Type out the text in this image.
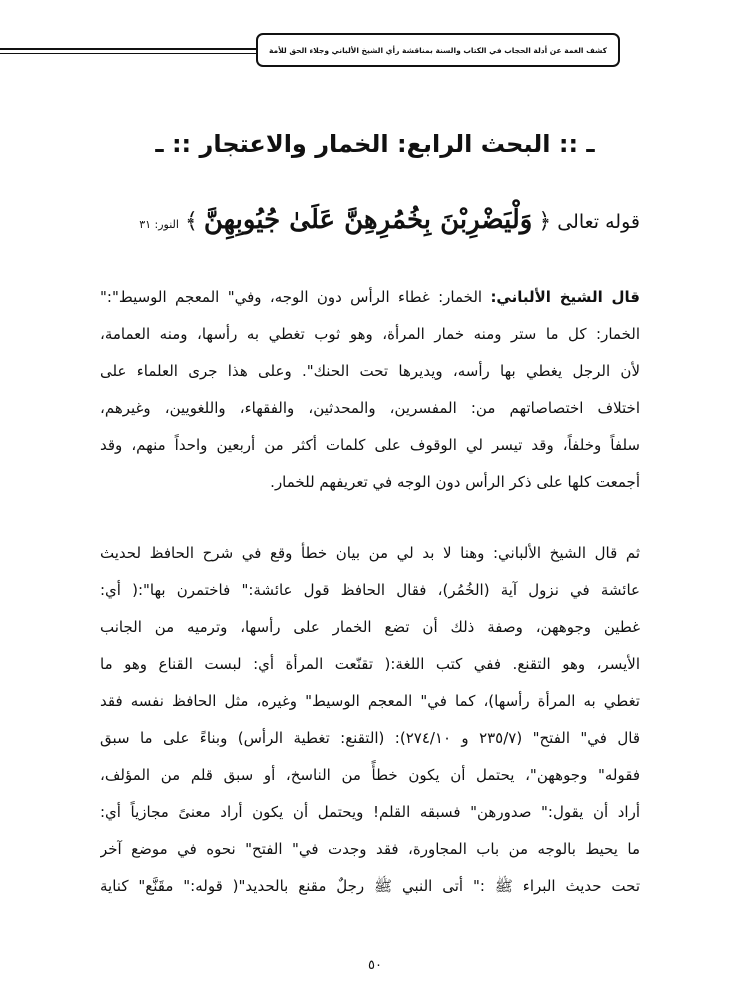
كشف الغمة عن أدلة الحجاب في الكتاب والسنة بمناقشة رأي الشيخ الألباني وجلاء الحق للأمة
ـ :: البحث الرابع: الخمار والاعتجار :: ـ
قوله تعالى
﴿
وَلْيَضْرِبْنَ بِخُمُرِهِنَّ عَلَىٰ جُيُوبِهِنَّ
﴾
النور: ٣١
قال الشيخ الألباني: الخمار: غطاء الرأس دون الوجه، وفي" المعجم الوسيط":"
الخمار: كل ما ستر ومنه خمار المرأة، وهو ثوب تغطي به رأسها، ومنه العمامة،
لأن الرجل يغطي بها رأسه، ويديرها تحت الحنك". وعلى هذا جرى العلماء على
اختلاف اختصاصاتهم من: المفسرين، والمحدثين، والفقهاء، واللغويين، وغيرهم،
سلفاً وخلفاً، وقد تيسر لي الوقوف على كلمات أكثر من أربعين واحداً منهم، وقد
أجمعت كلها على ذكر الرأس دون الوجه في تعريفهم للخمار.
ثم قال الشيخ الألباني: وهنا لا بد لي من بيان خطأ وقع في شرح الحافظ لحديث
عائشة في نزول آية (الخُمُر)، فقال الحافظ قول عائشة:" فاختمرن بها":( أي:
غطين وجوههن، وصفة ذلك أن تضع الخمار على رأسها، وترميه من الجانب
الأيسر، وهو التقنع. ففي كتب اللغة:( تقنّعت المرأة أي: لبست القناع وهو ما
تغطي به المرأة رأسها)، كما في" المعجم الوسيط" وغيره، مثل الحافظ نفسه فقد
قال في" الفتح" (٢٣٥/٧ و ٢٧٤/١٠): (التقنع: تغطية الرأس) وبناءً على ما سبق
فقوله" وجوههن"، يحتمل أن يكون خطأً من الناسخ، أو سبق قلم من المؤلف،
أراد أن يقول:" صدورهن" فسبقه القلم! ويحتمل أن يكون أراد معنىً مجازياً أي:
ما يحيط بالوجه من باب المجاورة، فقد وجدت في" الفتح" نحوه في موضع آخر
تحت حديث البراء ﷺ :" أتى النبي ﷺ رجلٌ مقنع بالحديد"( قوله:" مقَنَّع" كناية
٥٠
